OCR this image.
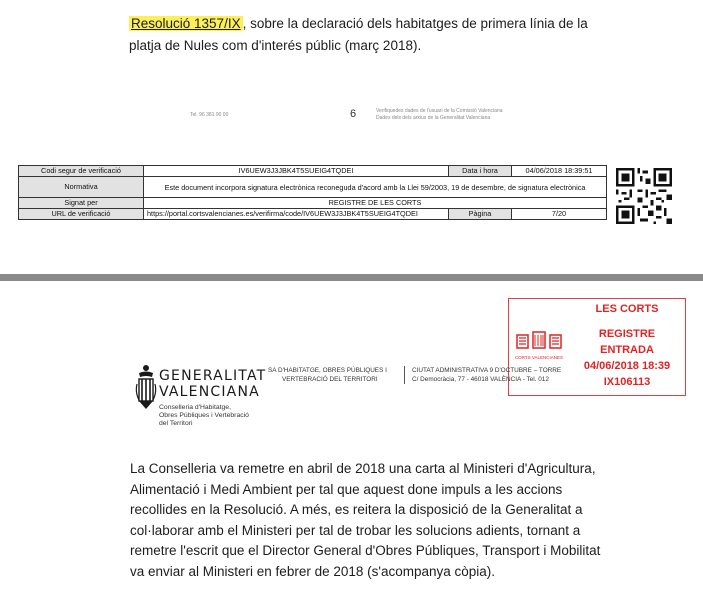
Resolució 1357/IX , sobre la declaració dels habitatges de primera línia de la
platja de Nules com d'interés públic (març 2018).
Tel. 96 381 90 00	6	Verifiquedes dades de l'usuari de la Comissió Valenciana
Dades dels dels arxius de la Generalitat Valenciana
Codi segur de verificació	IV6UEW3J3JBK4T5SUEIG4TQDEI	Data i hora	04/06/2018 18:39:51
Normativa	Este document incorpora signatura electrònica reconeguda d'acord amb la Llei 59/2003, 19 de desembre, de signatura electrònica		
Signat per	REGISTRE DE LES CORTS		
URL de verificació	https://portal.cortsvalencianes.es/verifirma/code/IV6UEW3J3JBK4T5SUEIG4TQDEI	Pàgina	7/20
LES CORTS
CORTS VALENCIANES
REGISTRE
ENTRADA
04/06/2018 18:39
IX106113
GENERALITAT
VALENCIANA
Conselleria d'Habitatge,
Obres Públiques i Vertebració
del Territori
SA D'HABITATGE, OBRES PÚBLIQUES I
VERTEBRACIÓ DEL TERRITORI
CIUTAT ADMINISTRATIVA 9 D'OCTUBRE – TORRE
C/ Democràcia, 77 - 46018 VALÈNCIA - Tel. 012
La Conselleria va remetre en abril de 2018 una carta al Ministeri d'Agricultura,
Alimentació i Medi Ambient per tal que aquest done impuls a les accions
recollides en la Resolució. A més, es reitera la disposició de la Generalitat a
col·laborar amb el Ministeri per tal de trobar les solucions adients, tornant a
remetre l'escrit que el Director General d'Obres Públiques, Transport i Mobilitat
va enviar al Ministeri en febrer de 2018 (s'acompanya còpia).
